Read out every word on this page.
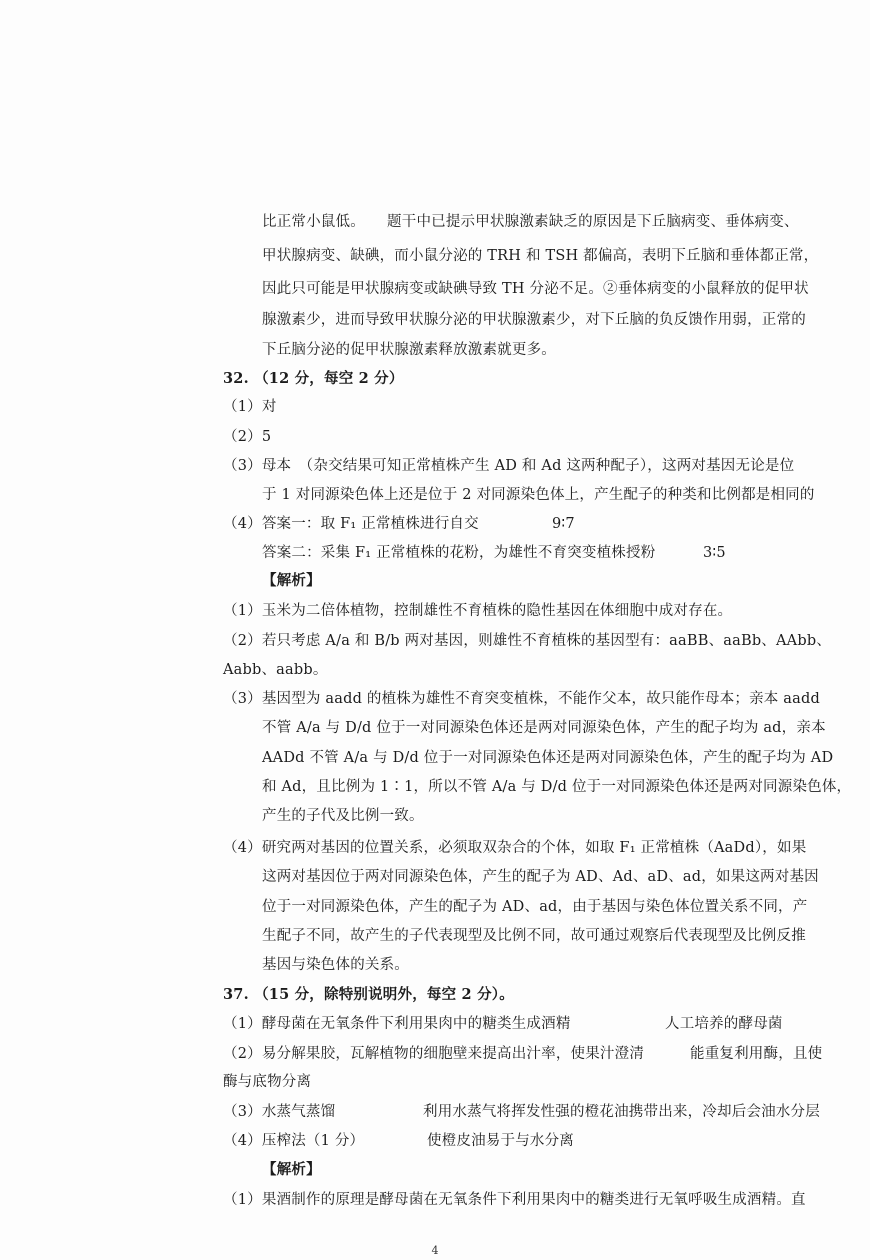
比正常小鼠低。　　题干中已提示甲状腺激素缺乏的原因是下丘脑病变、垂体病变、
甲状腺病变、缺碘，而小鼠分泌的 TRH 和 TSH 都偏高，表明下丘脑和垂体都正常，
因此只可能是甲状腺病变或缺碘导致 TH 分泌不足。②垂体病变的小鼠释放的促甲状
腺激素少，进而导致甲状腺分泌的甲状腺激素少，对下丘脑的负反馈作用弱，正常的
下丘脑分泌的促甲状腺激素释放激素就更多。
32. （12 分，每空 2 分）
（1）对
（2）5
（3）母本　（杂交结果可知正常植株产生 AD 和 Ad 这两种配子），这两对基因无论是位
于 1 对同源染色体上还是位于 2 对同源染色体上，产生配子的种类和比例都是相同的
（4）答案一：取 F₁ 正常植株进行自交	9∶7
答案二：采集 F₁ 正常植株的花粉，为雄性不育突变植株授粉	3∶5
【解析】
（1）玉米为二倍体植物，控制雄性不育植株的隐性基因在体细胞中成对存在。
（2）若只考虑 A/a 和 B/b 两对基因，则雄性不育植株的基因型有：aaBB、aaBb、AAbb、
Aabb、aabb。
（3）基因型为 aadd 的植株为雄性不育突变植株，不能作父本，故只能作母本；亲本 aadd
不管 A/a 与 D/d 位于一对同源染色体还是两对同源染色体，产生的配子均为 ad，亲本
AADd 不管 A/a 与 D/d 位于一对同源染色体还是两对同源染色体，产生的配子均为 AD
和 Ad，且比例为 1∶1，所以不管 A/a 与 D/d 位于一对同源染色体还是两对同源染色体，
产生的子代及比例一致。
（4）研究两对基因的位置关系，必须取双杂合的个体，如取 F₁ 正常植株（AaDd），如果
这两对基因位于两对同源染色体，产生的配子为 AD、Ad、aD、ad，如果这两对基因
位于一对同源染色体，产生的配子为 AD、ad，由于基因与染色体位置关系不同，产
生配子不同，故产生的子代表现型及比例不同，故可通过观察后代表现型及比例反推
基因与染色体的关系。
37. （15 分，除特别说明外，每空 2 分）。
（1）酵母菌在无氧条件下利用果肉中的糖类生成酒精	人工培养的酵母菌
（2）易分解果胶，瓦解植物的细胞壁来提高出汁率，使果汁澄清	能重复利用酶，且使
酶与底物分离
（3）水蒸气蒸馏	利用水蒸气将挥发性强的橙花油携带出来，冷却后会油水分层
（4）压榨法（1 分）	使橙皮油易于与水分离
【解析】
（1）果酒制作的原理是酵母菌在无氧条件下利用果肉中的糖类进行无氧呼吸生成酒精。直
4
